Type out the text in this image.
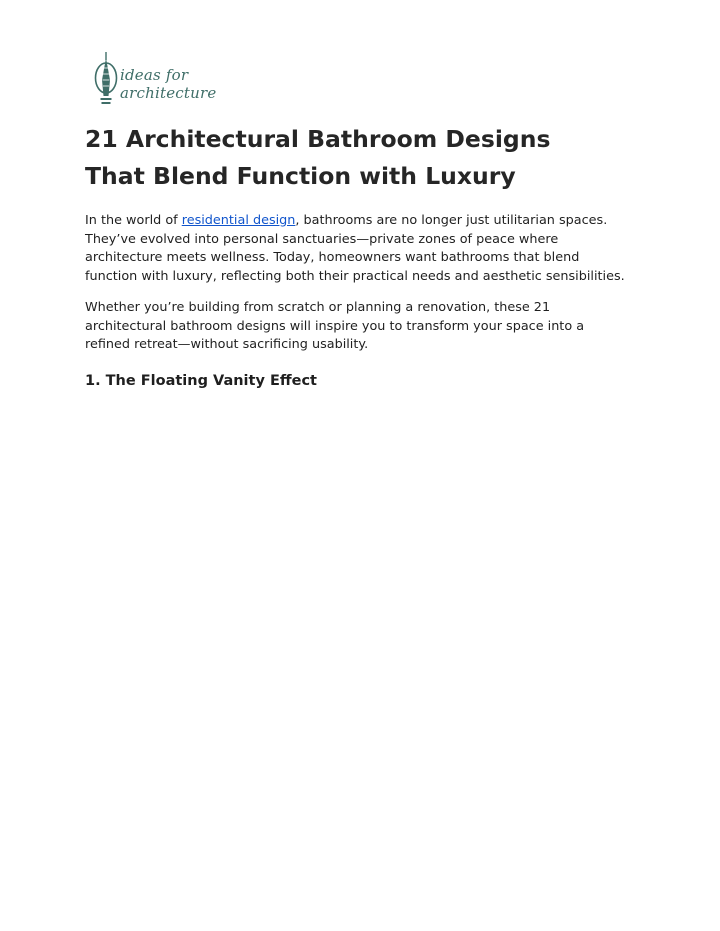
ideas for
architecture
21 Architectural Bathroom Designs
That Blend Function with Luxury

In the world of residential design, bathrooms are no longer just utilitarian spaces.
They’ve evolved into personal sanctuaries—private zones of peace where
architecture meets wellness. Today, homeowners want bathrooms that blend
function with luxury, reflecting both their practical needs and aesthetic sensibilities.

Whether you’re building from scratch or planning a renovation, these 21
architectural bathroom designs will inspire you to transform your space into a
refined retreat—without sacrificing usability.

1. The Floating Vanity Effect
